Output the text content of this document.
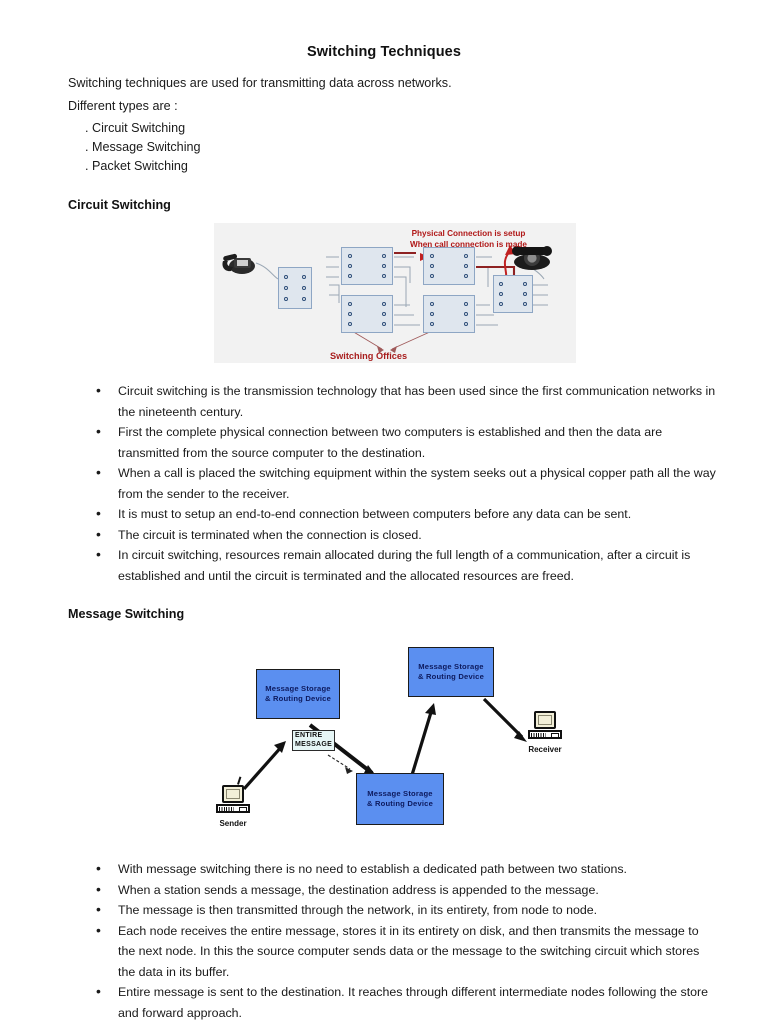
Switching Techniques

Switching techniques are used for transmitting data across networks.

Different types are :

. Circuit Switching
. Message Switching
. Packet Switching
Circuit Switching
Physical Connection is setup
When call connection is made
Switching Offices
• Circuit switching is the transmission technology that has been used since the first communication networks in the nineteenth century.
• First the complete physical connection between two computers is established and then the data are transmitted from the source computer to the destination.
• When a call is placed the switching equipment within the system seeks out a physical copper path all the way from the sender to the receiver.
• It is must to setup an end-to-end connection between computers before any data can be sent.
• The circuit is terminated when the connection is closed.
• In circuit switching, resources remain allocated during the full length of a communication, after a circuit is established and until the circuit is terminated and the allocated resources are freed.
Message Switching
Message Storage
& Routing Device
Message Storage
& Routing Device
Message Storage
& Routing Device
ENTIRE
MESSAGE
Sender
Receiver
• With message switching there is no need to establish a dedicated path between two stations.
• When a station sends a message, the destination address is appended to the message.
• The message is then transmitted through the network, in its entirety, from node to node.
• Each node receives the entire message, stores it in its entirety on disk, and then transmits the message to the next node. In this the source computer sends data or the message to the switching circuit which stores the data in its buffer.
• Entire message is sent to the destination. It reaches through different intermediate nodes following the store and forward approach.
